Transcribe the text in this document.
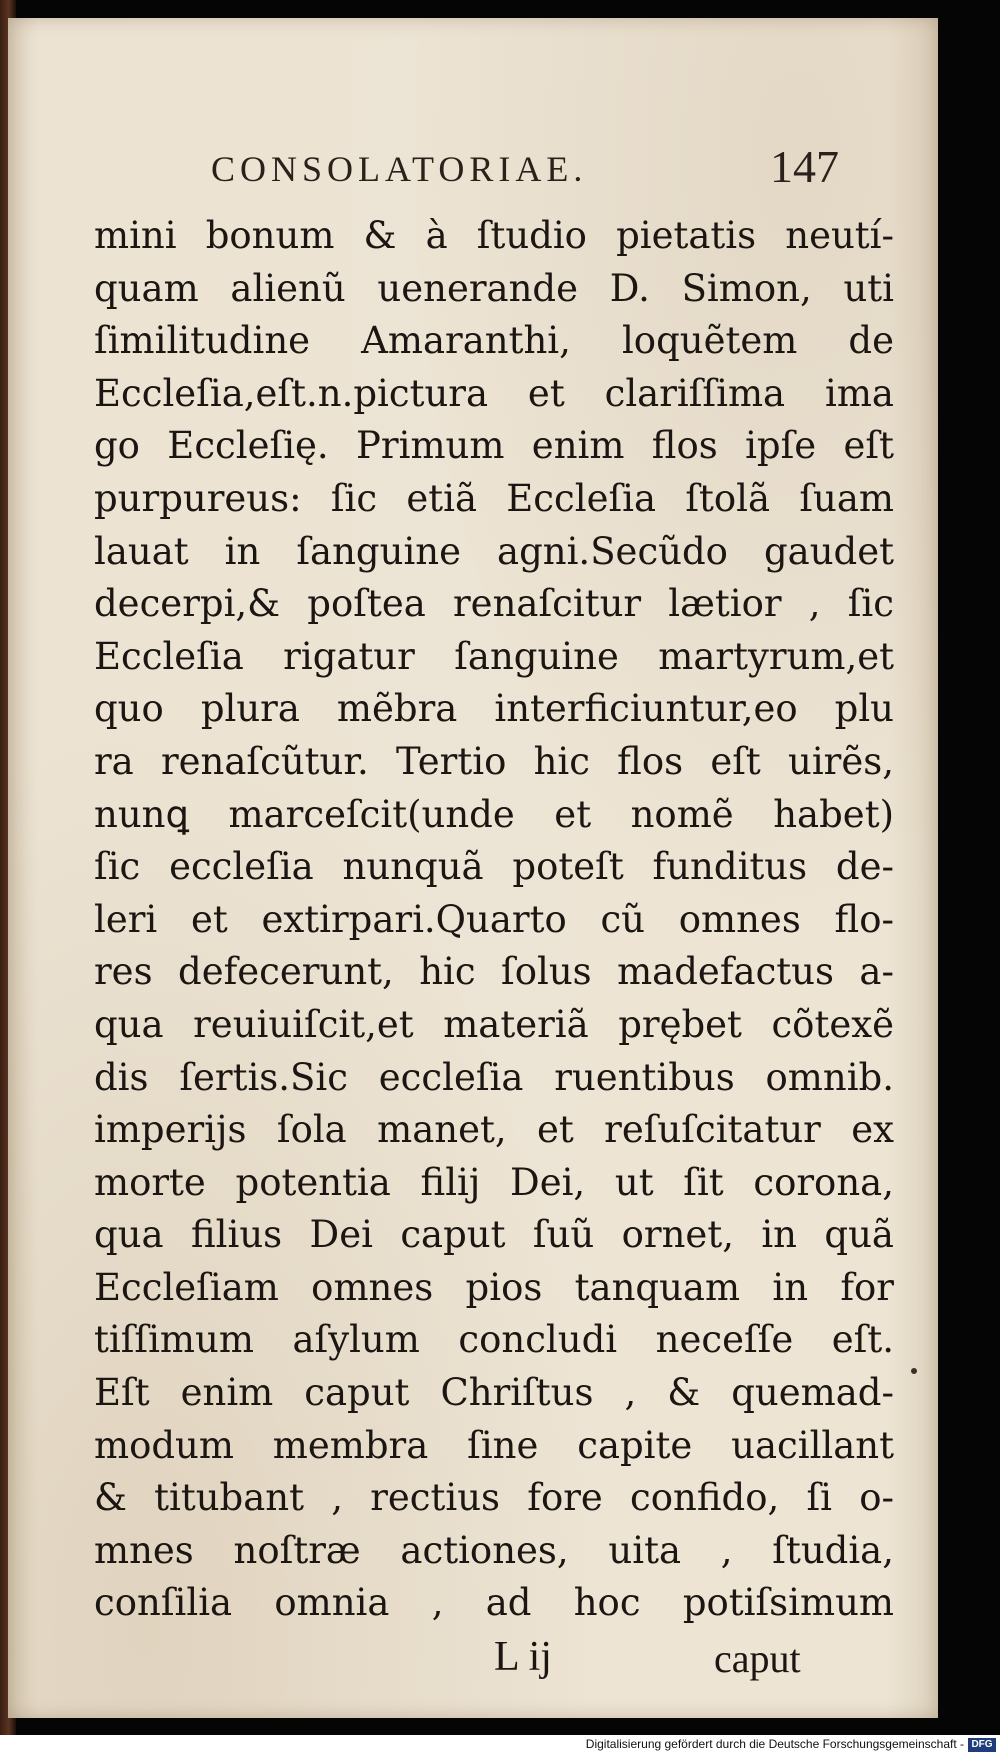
CONSOLATORIAE.	147
mini bonum & à ſtudio pietatis neutí-
quam alienũ uenerande D. Simon, uti
ſimilitudine Amaranthi, loquẽtem de
Eccleſia,eſt.n.pictura et clariſſima ima
go Eccleſię. Primum enim flos ipſe eſt
purpureus: ſic etiã Eccleſia ſtolã ſuam
lauat in ſanguine agni.Secũdo gaudet
decerpi,& poſtea renaſcitur lætior , ſic
Eccleſia rigatur ſanguine martyrum,et
quo plura mẽbra interficiuntur,eo plu
ra renaſcũtur. Tertio hic flos eſt uirẽs,
nunꝗ marceſcit(unde et nomẽ habet)
ſic eccleſia nunquã poteſt funditus de-
leri et extirpari.Quarto cũ omnes flo-
res defecerunt, hic ſolus madefactus a-
qua reuiuiſcit,et materiã prębet cõtexẽ
dis ſertis.Sic eccleſia ruentibus omnib.
imperijs ſola manet, et reſuſcitatur ex
morte potentia filij Dei, ut ſit corona,
qua filius Dei caput ſuũ ornet, in quã
Eccleſiam omnes pios tanquam in for
tiſſimum aſylum concludi neceſſe eſt.
Eſt enim caput Chriſtus , & quemad-
modum membra ſine capite uacillant
& titubant , rectius fore confido, ſi o-
mnes noſtræ actiones, uita , ſtudia,
conſilia omnia , ad hoc potiſsimum
L ij	caput
Digitalisierung gefördert durch die Deutsche Forschungsgemeinschaft - DFG
